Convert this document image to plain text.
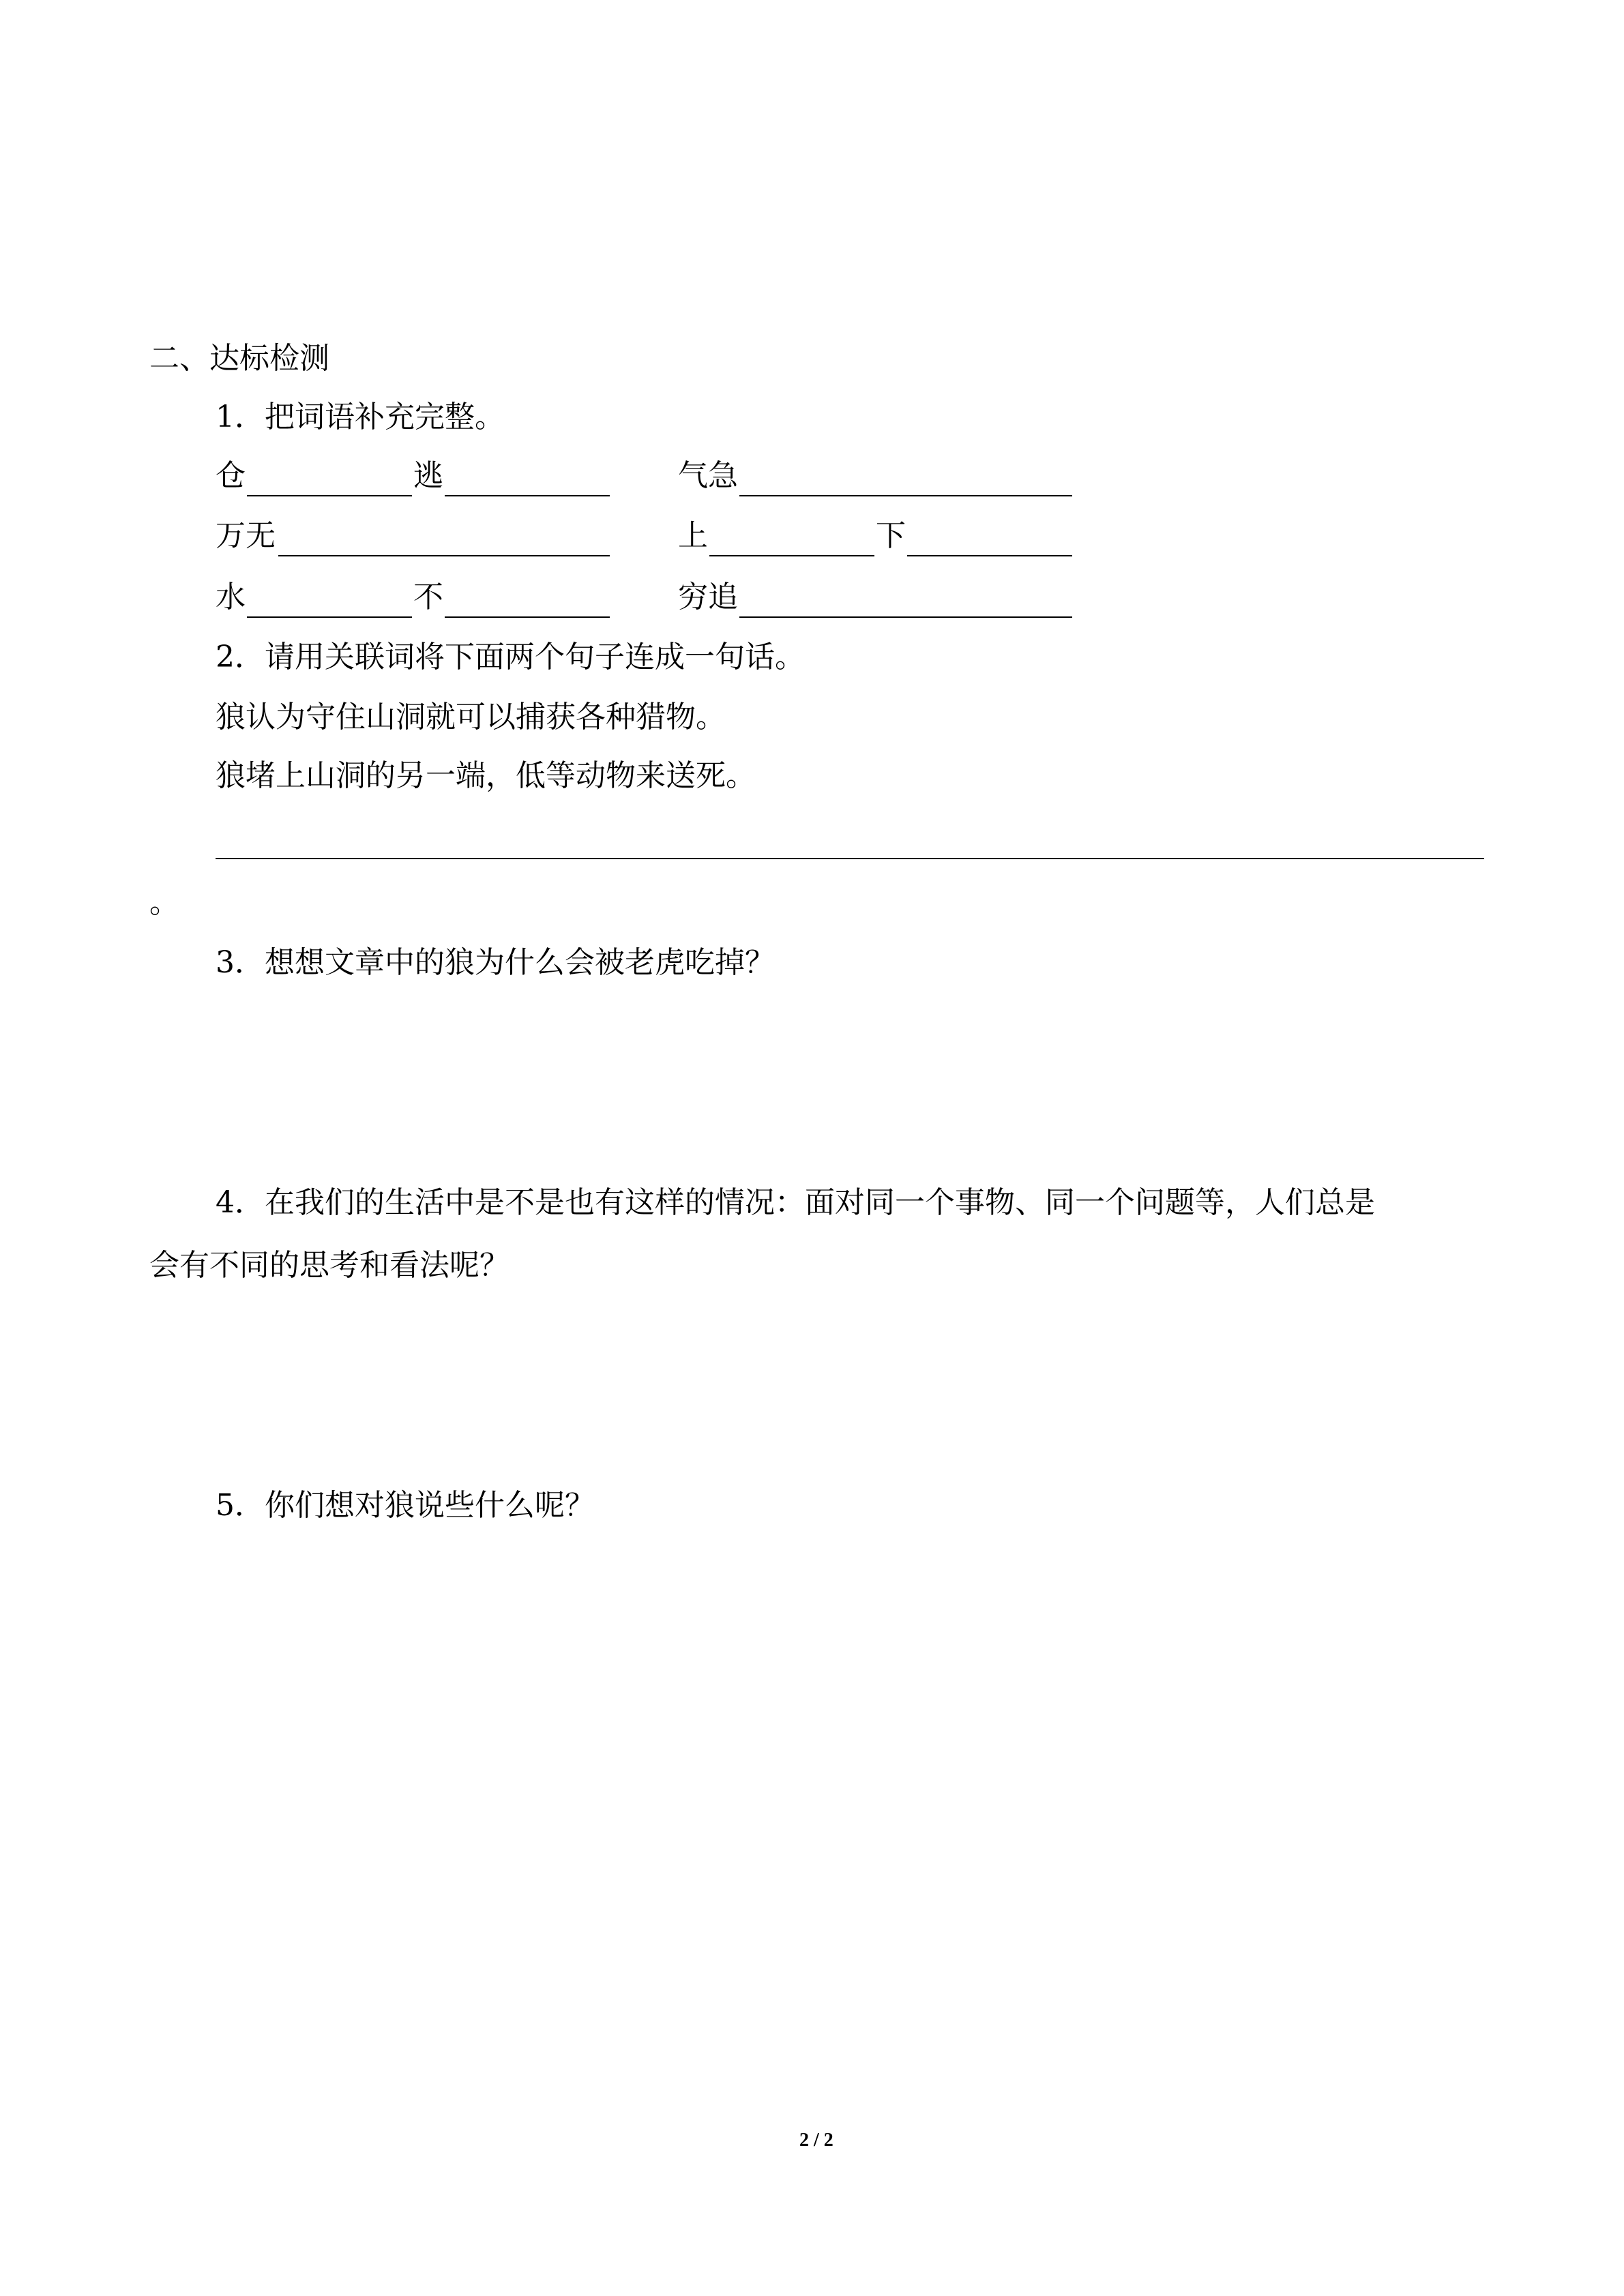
二、达标检测
1．把词语补充完整。
仓	逃	气急
万无	上	下
水	不	穷追
2．请用关联词将下面两个句子连成一句话。
狼认为守住山洞就可以捕获各种猎物。
狼堵上山洞的另一端，低等动物来送死。
。
3．想想文章中的狼为什么会被老虎吃掉？
4．在我们的生活中是不是也有这样的情况：面对同一个事物、同一个问题等，人们总是
会有不同的思考和看法呢？
5．你们想对狼说些什么呢？
2 / 2
